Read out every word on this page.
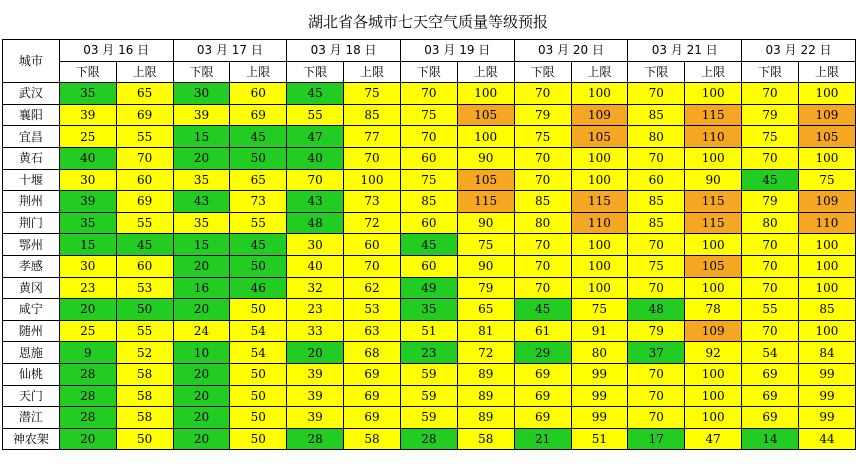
湖北省各城市七天空气质量等级预报
城市	03 月 16 日		03 月 17 日		03 月 18 日		03 月 19 日		03 月 20 日		03 月 21 日		03 月 22 日	
	下限	上限	下限	上限	下限	上限	下限	上限	下限	上限	下限	上限	下限	上限
武汉	35	65	30	60	45	75	70	100	70	100	70	100	70	100
襄阳	39	69	39	69	55	85	75	105	79	109	85	115	79	109
宜昌	25	55	15	45	47	77	70	100	75	105	80	110	75	105
黄石	40	70	20	50	40	70	60	90	70	100	70	100	70	100
十堰	30	60	35	65	70	100	75	105	70	100	60	90	45	75
荆州	39	69	43	73	43	73	85	115	85	115	85	115	79	109
荆门	35	55	35	55	48	72	60	90	80	110	85	115	80	110
鄂州	15	45	15	45	30	60	45	75	70	100	70	100	70	100
孝感	30	60	20	50	40	70	60	90	70	100	75	105	70	100
黄冈	23	53	16	46	32	62	49	79	70	100	70	100	70	100
咸宁	20	50	20	50	23	53	35	65	45	75	48	78	55	85
随州	25	55	24	54	33	63	51	81	61	91	79	109	70	100
恩施	9	52	10	54	20	68	23	72	29	80	37	92	54	84
仙桃	28	58	20	50	39	69	59	89	69	99	70	100	69	99
天门	28	58	20	50	39	69	59	89	69	99	70	100	69	99
潜江	28	58	20	50	39	69	59	89	69	99	70	100	69	99
神农架	20	50	20	50	28	58	28	58	21	51	17	47	14	44
